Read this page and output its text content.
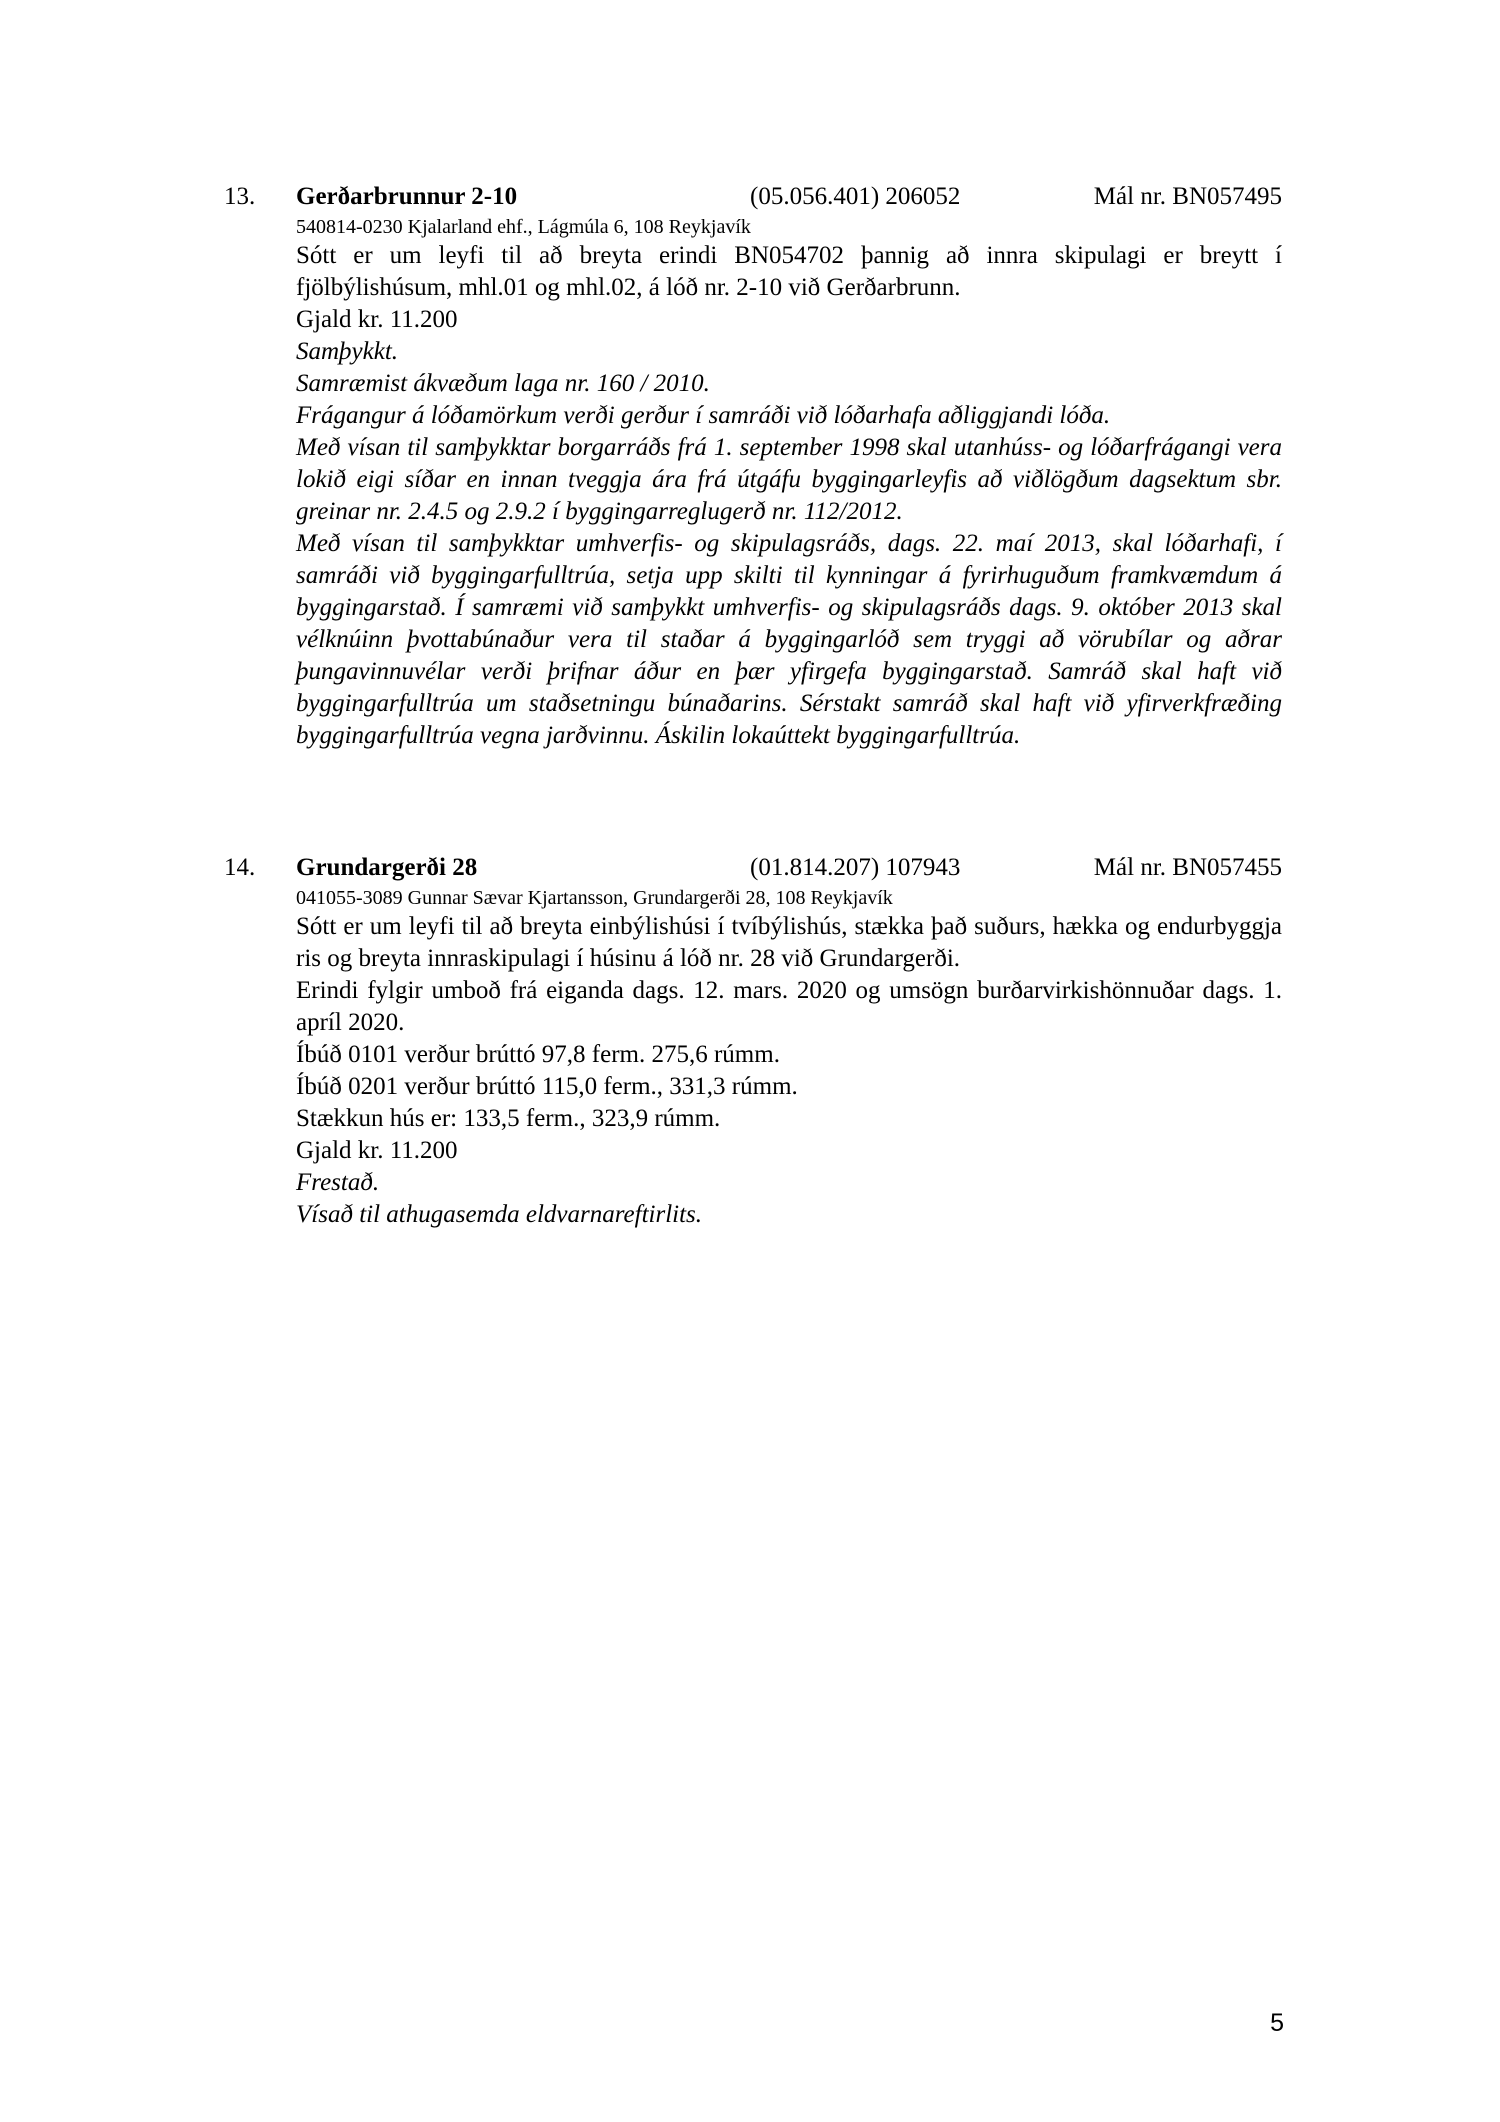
13. Gerðarbrunnur 2-10	(05.056.401) 206052	Mál nr. BN057495
540814-0230 Kjalarland ehf., Lágmúla 6, 108 Reykjavík
Sótt er um leyfi til að breyta erindi BN054702 þannig að innra skipulagi er breytt í fjölbýlishúsum, mhl.01 og mhl.02, á lóð nr. 2-10 við Gerðarbrunn.
Gjald kr. 11.200
Samþykkt.
Samræmist ákvæðum laga nr. 160 / 2010.
Frágangur á lóðamörkum verði gerður í samráði við lóðarhafa aðliggjandi lóða.
Með vísan til samþykktar borgarráðs frá 1. september 1998 skal utanhúss- og lóðarfrágangi vera lokið eigi síðar en innan tveggja ára frá útgáfu byggingarleyfis að viðlögðum dagsektum sbr. greinar nr. 2.4.5 og 2.9.2 í byggingarreglugerð nr. 112/2012.
Með vísan til samþykktar umhverfis- og skipulagsráðs, dags. 22. maí 2013, skal lóðarhafi, í samráði við byggingarfulltrúa, setja upp skilti til kynningar á fyrirhuguðum framkvæmdum á byggingarstað. Í samræmi við samþykkt umhverfis- og skipulagsráðs dags. 9. október 2013 skal vélknúinn þvottabúnaður vera til staðar á byggingarlóð sem tryggi að vörubílar og aðrar þungavinnuvélar verði þrifnar áður en þær yfirgefa byggingarstað. Samráð skal haft við byggingarfulltrúa um staðsetningu búnaðarins. Sérstakt samráð skal haft við yfirverkfræðing byggingarfulltrúa vegna jarðvinnu. Áskilin lokaúttekt byggingarfulltrúa.
14. Grundargerði 28	(01.814.207) 107943	Mál nr. BN057455
041055-3089 Gunnar Sævar Kjartansson, Grundargerði 28, 108 Reykjavík
Sótt er um leyfi til að breyta einbýlishúsi í tvíbýlishús, stækka það suðurs, hækka og endurbyggja ris og breyta innraskipulagi í húsinu á lóð nr. 28 við Grundargerði.
Erindi fylgir umboð frá eiganda dags. 12. mars. 2020 og umsögn burðarvirkishönnuðar dags. 1. apríl 2020.
Íbúð 0101 verður brúttó 97,8 ferm. 275,6 rúmm.
Íbúð 0201 verður brúttó 115,0 ferm., 331,3 rúmm.
Stækkun hús er: 133,5 ferm., 323,9 rúmm.
Gjald kr. 11.200
Frestað.
Vísað til athugasemda eldvarnareftirlits.
5
